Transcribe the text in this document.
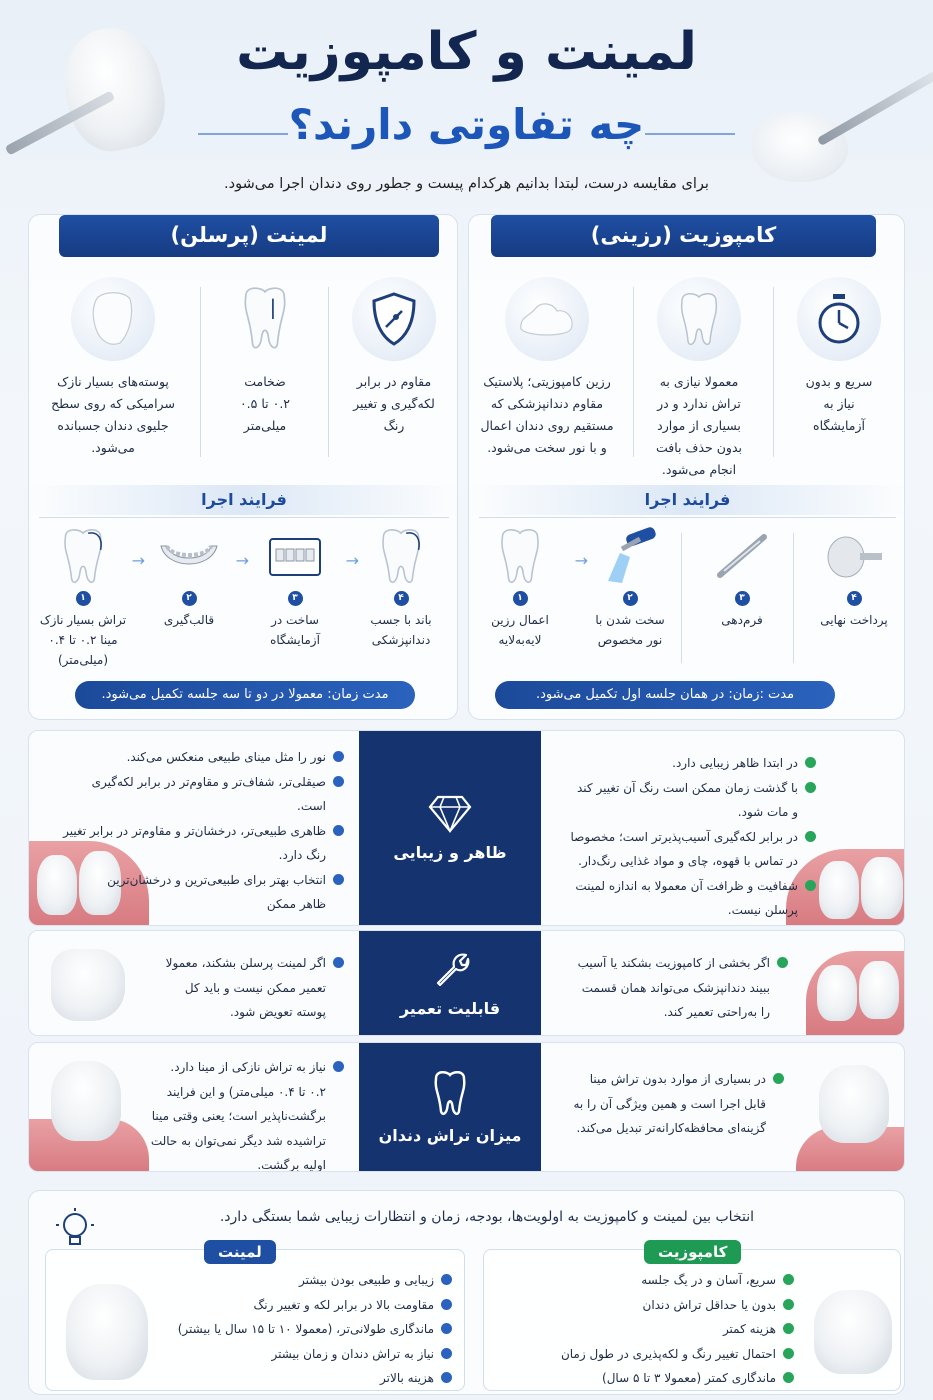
لمینت و کامپوزیت
چه تفاوتی دارند؟
برای مقایسه درست، لبتدا بدانیم هرکدام پیست و جطور روی دندان اجرا می‌شود.
کامپوزیت (رزینی)
سریع و بدون
نیاز به
آزمایشگاه
معمولا نیازی به
تراش ندارد و در
بسیاری از موارد
بدون حذف بافت
انجام می‌شود.
رزین کامپوزیتی؛ پلاستیک
مقاوم دندانپزشکی که
مستقیم روی دندان اعمال
و با نور سخت می‌شود.
فرایند اجرا
۴
پرداخت نهایی
۳
فرم‌دهی
۲
سخت شدن با
نور مخصوص
→
۱
اعمال رزین
لایه‌به‌لایه
مدت :زمان: در همان جلسه اول تکمیل می‌شود.
لمینت (پرسلن)
مقاوم در برابر
لکه‌گیری و تغییر
رنگ
ضخامت
۰.۲ تا ۰.۵
میلی‌متر
پوسته‌های بسیار نازک
سرامیکی که روی سطح
جلیوی دندان جسبانده
می‌شود.
فرایند اجرا
۴
باند با جسب
دندانپزشکی
→
۳
ساخت در
آزمایشگاه
→
۲
قالب‌گیری
→
۱
تراش بسیار نازک
مینا ۰.۲ تا ۰.۴
(میلی‌متر)
مدت زمان: معمولا در دو تا سه جلسه تکمیل می‌شود.
نور را مثل مینای طبیعی منعکس می‌کند.
صیقلی‌تر، شفاف‌تر و مقاوم‌تر در برابر لکه‌گیری است.
ظاهری طبیعی‌تر، درخشان‌تر و مقاوم‌تر در برابر تغییر
رنگ دارد.
انتخاب بهتر برای طبیعی‌ترین و درخشان‌ترین
ظاهر ممکن
ظاهر و زیبایی
در ابتدا ظاهر زیبایی دارد.
با گذشت زمان ممکن است رنگ آن تغییر کند
و مات شود.
در برابر لکه‌گیری آسیب‌پذیرتر است؛ مخصوصا
در تماس با قهوه، چای و مواد غذایی رنگ‌دار.
شفافیت و ظرافت آن معمولا به اندازه لمینت
پرسلن نیست.
اگر لمینت پرسلن بشکند، معمولا
تعمیر ممکن نیست و باید کل
پوسته تعویض شود.	قابلیت تعمیر
اگر بخشی از کامپوزیت بشکند یا آسیب
ببیند دندانپزشک می‌تواند همان قسمت
را به‌راحتی تعمیر کند.
نیاز به تراش نازکی از مینا دارد.
۰.۲ تا ۰.۴ میلی‌متر) و این فرایند
برگشت‌ناپذیر است؛ یعنی وقتی مینا
تراشیده شد دیگر نمی‌توان به حالت
اولیه برگشت.
میزان تراش دندان
در بسیاری از موارد بدون تراش مینا
قابل اجرا است و همین ویژگی آن را به
گزینه‌ای محافظه‌کارانه‌تر تبدیل می‌کند.
انتخاب بین لمینت و کامپوزیت به اولویت‌ها، بودجه، زمان و انتظارات زیبایی شما بستگی دارد.
کامپوزیت
سریع، آسان و در یگ جلسه
بدون یا حداقل تراش دندان
هزینه کمتر
احتمال تغییر رنگ و لکه‌پذیری در طول زمان
ماندگاری کمتر (معمولا ۳ تا ۵ سال)
لمینت
زیبایی و طبیعی بودن بیشتر
مقاومت بالا در برابر لکه و تغییر رنگ
ماندگاری طولانی‌تر، (معمولا ۱۰ تا ۱۵ سال یا بیشتر)
نیاز به تراش دندان و زمان بیشتر
هزینه بالاتر
